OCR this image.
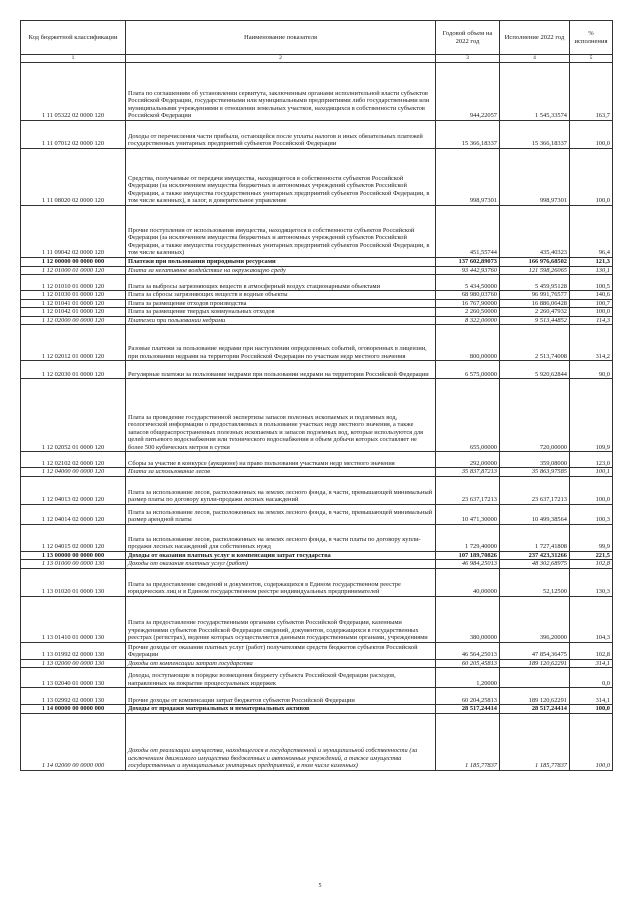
Код бюджетной классификации	Наименование показателя	Годовой объем на 2022 год	Исполнение 2022 год	% исполнения
1	2	3	4	5
1 11 05322 02 0000 120	Плата по соглашениям об установлении сервитута, заключенным органами исполнительной власти субъектов Российской Федерации, государственными или муниципальными предприятиями либо государственными или муниципальными учреждениями в отношении земельных участков, находящихся в собственности субъектов Российской Федерации	944,22057	1 545,33574	163,7
1 11 07012 02 0000 120	Доходы от перечисления части прибыли, остающейся после уплаты налогов и иных обязательных платежей государственных унитарных предприятий субъектов Российской Федерации	15 366,18337	15 366,18337	100,0
1 11 08020 02 0000 120	Средства, получаемые от передачи имущества, находящегося в собственности субъектов Российской Федерации (за исключением имущества бюджетных и автономных учреждений субъектов Российской Федерации, а также имущества государственных унитарных предприятий субъектов Российской Федерации, в том числе казенных), в залог, в доверительное управление	998,97301	998,97301	100,0
1 11 09042 02 0000 120	Прочие поступления от использования имущества, находящегося в собственности субъектов Российской Федерации (за исключением имущества бюджетных и автономных учреждений субъектов Российской Федерации, а также имущества государственных унитарных предприятий субъектов Российской Федерации, в том числе казенных)	451,55744	435,40323	96,4
1 12 00000 00 0000 000	Платежи при пользовании природными ресурсами	137 602,89073	166 976,68502	121,3
1 12 01000 01 0000 120	Плата за негативное воздействие на окружающую среду	93 442,93760	121 598,26065	130,1
1 12 01010 01 0000 120	Плата за выбросы загрязняющих веществ в атмосферный воздух стационарными объектами	5 434,50000	5 459,95128	100,5
1 12 01030 01 0000 120	Плата за сбросы загрязняющих веществ в водные объекты	68 980,03760	96 991,76577	140,6
1 12 01041 01 0000 120	Плата за размещение отходов производства	16 767,90000	16 886,06428	100,7
1 12 01042 01 0000 120	Плата за размещение твердых коммунальных отходов	2 260,50000	2 260,47932	100,0
1 12 02000 00 0000 120	Платежи при пользовании недрами	8 322,00000	9 513,44852	114,3
1 12 02012 01 0000 120	Разовые платежи за пользование недрами при наступлении определенных событий, оговоренных в лицензии, при пользовании недрами на территории Российской Федерации по участкам недр местного значения	800,00000	2 513,74008	314,2
1 12 02030 01 0000 120	Регулярные платежи за пользование недрами при пользовании недрами на территории Российской Федерации	6 575,00000	5 920,62844	90,0
1 12 02052 01 0000 120	Плата за проведение государственной экспертизы запасов полезных ископаемых и подземных вод, геологической информации о предоставляемых в пользование участках недр местного значения, а также запасов общераспространенных полезных ископаемых и запасов подземных вод, которые используются для целей питьевого водоснабжения или технического водоснабжения и объем добычи которых составляет не более 500 кубических метров в сутки	655,00000	720,00000	109,9
1 12 02102 02 0000 120	Сборы за участие в конкурсе (аукционе) на право пользования участками недр местного значения	292,00000	359,08000	123,0
1 12 04000 00 0000 120	Плата за использование лесов	35 837,87213	35 863,97585	100,1
1 12 04013 02 0000 120	Плата за использование лесов, расположенных на землях лесного фонда, в части, превышающей минимальный размер платы по договору купли-продажи лесных насаждений	23 637,17213	23 637,17213	100,0
1 12 04014 02 0000 120	Плата за использование лесов, расположенных на землях лесного фонда, в части, превышающей минимальный размер арендной платы	10 471,30000	10 499,38564	100,3
1 12 04015 02 0000 120	Плата за использование лесов, расположенных на землях лесного фонда, в части платы по договору купли-продажи лесных насаждений для собственных нужд	1 729,40000	1 727,41808	99,9
1 13 00000 00 0000 000	Доходы от оказания платных услуг и компенсации затрат государства	107 189,70826	237 423,31266	221,5
1 13 01000 00 0000 130	Доходы от оказания платных услуг (работ)	46 984,25013	48 302,68975	102,8
1 13 01020 01 0000 130	Плата за предоставление сведений и документов, содержащихся в Едином государственном реестре юридических лиц и в Едином государственном реестре индивидуальных предпринимателей	40,00000	52,12500	130,3
1 13 01410 01 0000 130	Плата за предоставление государственными органами субъектов Российской Федерации, казенными учреждениями субъектов Российской Федерации сведений, документов, содержащихся в государственных реестрах (регистрах), ведение которых осуществляется данными государственными органами, учреждениями	380,00000	396,20000	104,3
1 13 01992 02 0000 130	Прочие доходы от оказания платных услуг (работ) получателями средств бюджетов субъектов Российской Федерации	46 564,25013	47 854,36475	102,8
1 13 02000 00 0000 130	Доходы от компенсации затрат государства	60 205,45813	189 120,62291	314,1
1 13 02040 01 0000 130	Доходы, поступающие в порядке возмещения бюджету субъекта Российской Федерации расходов, направленных на покрытие процессуальных издержек	1,20000		0,0
1 13 02992 02 0000 130	Прочие доходы от компенсации затрат бюджетов субъектов Российской Федерации	60 204,25813	189 120,62291	314,1
1 14 00000 00 0000 000	Доходы от продажи материальных и нематериальных активов	28 517,24414	28 517,24414	100,0
1 14 02000 00 0000 000	Доходы от реализации имущества, находящегося в государственной и муниципальной собственности (за исключением движимого имущества бюджетных и автономных учреждений, а также имущества государственных и муниципальных унитарных предприятий, в том числе казенных)	1 185,77837	1 185,77837	100,0
5
